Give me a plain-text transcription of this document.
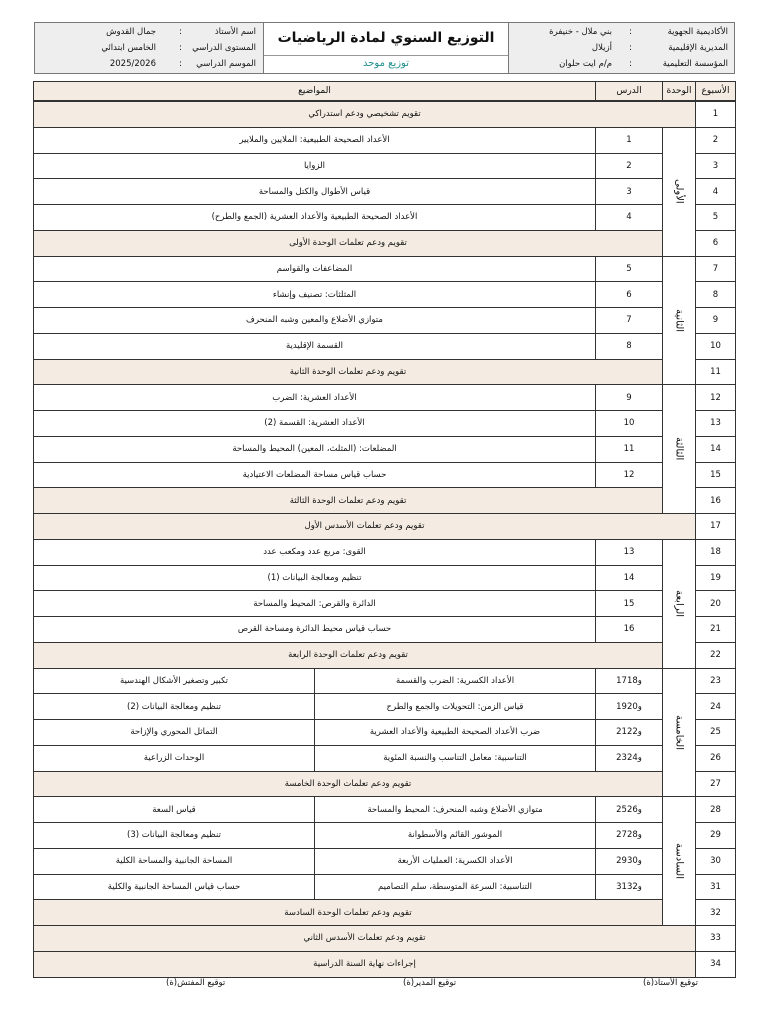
الأكاديمية الجهوية
:
بني ملال - خنيفرة
المديرية الإقليمية
:
أزيلال
المؤسسة التعليمية
:
م/م ايت حلوان
التوزيع السنوي لمادة الرياضيات
توزيع موحد
اسم الأستاذ
:
جمال القدوش
المستوى الدراسي
:
الخامس ابتدائي
الموسم الدراسي
:
2025/2026
الأسبوع
الوحدة
الدرس
المواضيع
1
تقويم تشخيصي ودعم استدراكي
2
1
الأعداد الصحيحة الطبيعية: الملايين والملايير
3
2
الزوايا
4
3
قياس الأطوال والكتل والمساحة
5
4
الأعداد الصحيحة الطبيعية والأعداد العشرية (الجمع والطرح)
6
تقويم ودعم تعلمات الوحدة الأولى
7
5
المضاعفات والقواسم
8
6
المثلثات: تصنيف وإنشاء
9
7
متوازي الأضلاع والمعين وشبه المنحرف
10
8
القسمة الإقليدية
11
تقويم ودعم تعلمات الوحدة الثانية
12
9
الأعداد العشرية: الضرب
13
10
الأعداد العشرية: القسمة (2)
14
11
المضلعات: (المثلث، المعين) المحيط والمساحة
15
12
حساب قياس مساحة المضلعات الاعتيادية
16
تقويم ودعم تعلمات الوحدة الثالثة
17
تقويم ودعم تعلمات الأسدس الأول
18
13
القوى: مربع عدد ومكعب عدد
19
14
تنظيم ومعالجة البيانات (1)
20
15
الدائرة والقرص: المحيط والمساحة
21
16
حساب قياس محيط الدائرة ومساحة القرص
22
تقويم ودعم تعلمات الوحدة الرابعة
23
17و18
الأعداد الكسرية: الضرب والقسمة
تكبير وتصغير الأشكال الهندسية
24
19و20
قياس الزمن: التحويلات والجمع والطرح
تنظيم ومعالجة البيانات (2)
25
21و22
ضرب الأعداد الصحيحة الطبيعية والأعداد العشرية
التماثل المحوري والإزاحة
26
23و24
التناسبية: معامل التناسب والنسبة المئوية
الوحدات الزراعية
27
تقويم ودعم تعلمات الوحدة الخامسة
28
25و26
متوازي الأضلاع وشبه المنحرف: المحيط والمساحة
قياس السعة
29
27و28
الموشور القائم والأسطوانة
تنظيم ومعالجة البيانات (3)
30
29و30
الأعداد الكسرية: العمليات الأربعة
المساحة الجانبية والمساحة الكلية
31
31و32
التناسبية: السرعة المتوسطة، سلم التصاميم
حساب قياس المساحة الجانبية والكلية
32
تقويم ودعم تعلمات الوحدة السادسة
33
تقويم ودعم تعلمات الأسدس الثاني
34
إجراءات نهاية السنة الدراسية
الأولى
الثانية
الثالثة
الرابعة
الخامسة
السادسة
توقيع الأستاذ(ة)
توقيع المدير(ة)
توقيع المفتش(ة)
